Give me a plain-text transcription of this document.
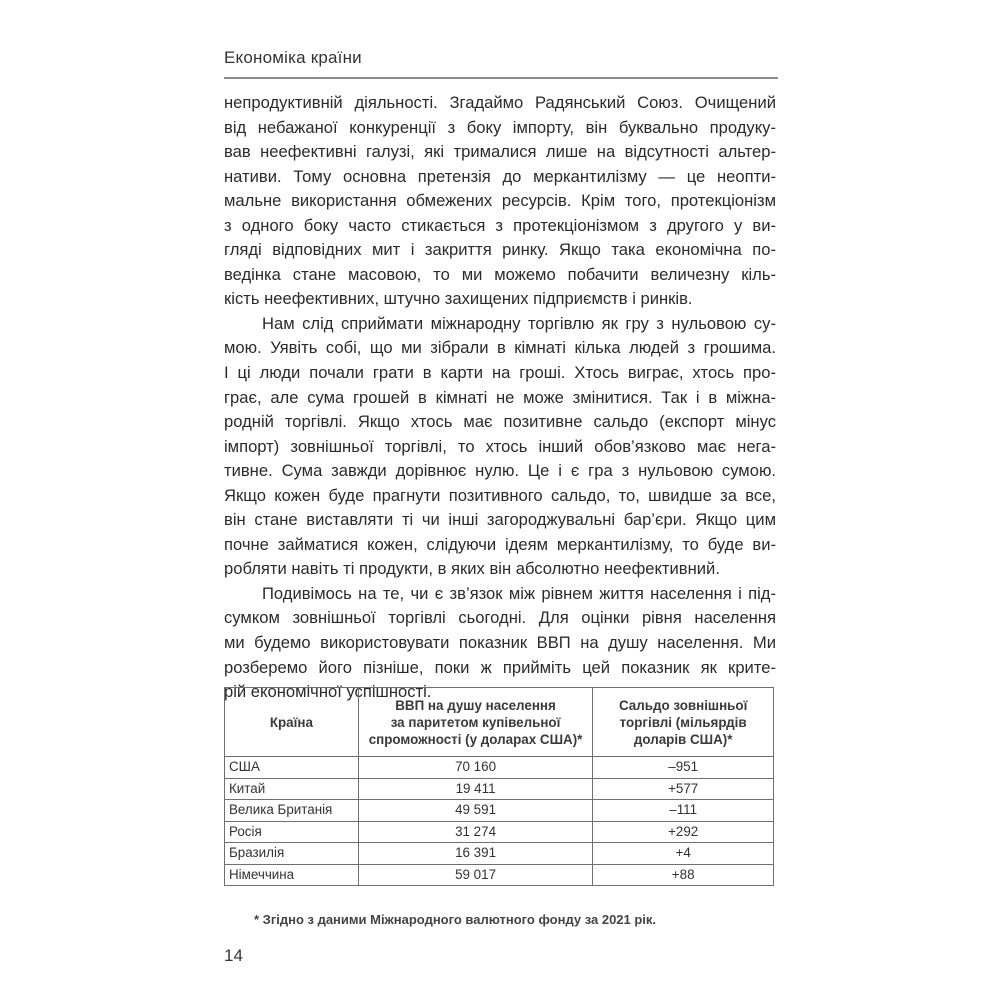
Економіка країни
непродуктивній діяльності. Згадаймо Радянський Союз. Очищений
від небажаної конкуренції з боку імпорту, він буквально продуку-
вав неефективні галузі, які трималися лише на відсутності альтер-
нативи. Тому основна претензія до меркантилізму — це неопти-
мальне використання обмежених ресурсів. Крім того, протекціонізм
з одного боку часто стикається з протекціонізмом з другого у ви-
гляді відповідних мит і закриття ринку. Якщо така економічна по-
ведінка стане масовою, то ми можемо побачити величезну кіль-
кість неефективних, штучно захищених підприємств і ринків.
Нам слід сприймати міжнародну торгівлю як гру з нульовою су-
мою. Уявіть собі, що ми зібрали в кімнаті кілька людей з грошима.
І ці люди почали грати в карти на гроші. Хтось виграє, хтось про-
грає, але сума грошей в кімнаті не може змінитися. Так і в міжна-
родній торгівлі. Якщо хтось має позитивне сальдо (експорт мінус
імпорт) зовнішньої торгівлі, то хтось інший обов’язково має нега-
тивне. Сума завжди дорівнює нулю. Це і є гра з нульовою сумою.
Якщо кожен буде прагнути позитивного сальдо, то, швидше за все,
він стане виставляти ті чи інші загороджувальні бар’єри. Якщо цим
почне займатися кожен, слідуючи ідеям меркантилізму, то буде ви-
робляти навіть ті продукти, в яких він абсолютно неефективний.
Подивімось на те, чи є зв’язок між рівнем життя населення і під-
сумком зовнішньої торгівлі сьогодні. Для оцінки рівня населення
ми будемо використовувати показник ВВП на душу населення. Ми
розберемо його пізніше, поки ж прийміть цей показник як крите-
рій економічної успішності.
Країна	ВВП на душу населення
за паритетом купівельної
спроможності (у доларах США)*	Сальдо зовнішньої
торгівлі (мільярдів
доларів США)*
США	70 160	–951
Китай	19 411	+577
Велика Британія	49 591	–111
Росія	31 274	+292
Бразилія	16 391	+4
Німеччина	59 017	+88
* Згідно з даними Міжнародного валютного фонду за 2021 рік.
14
